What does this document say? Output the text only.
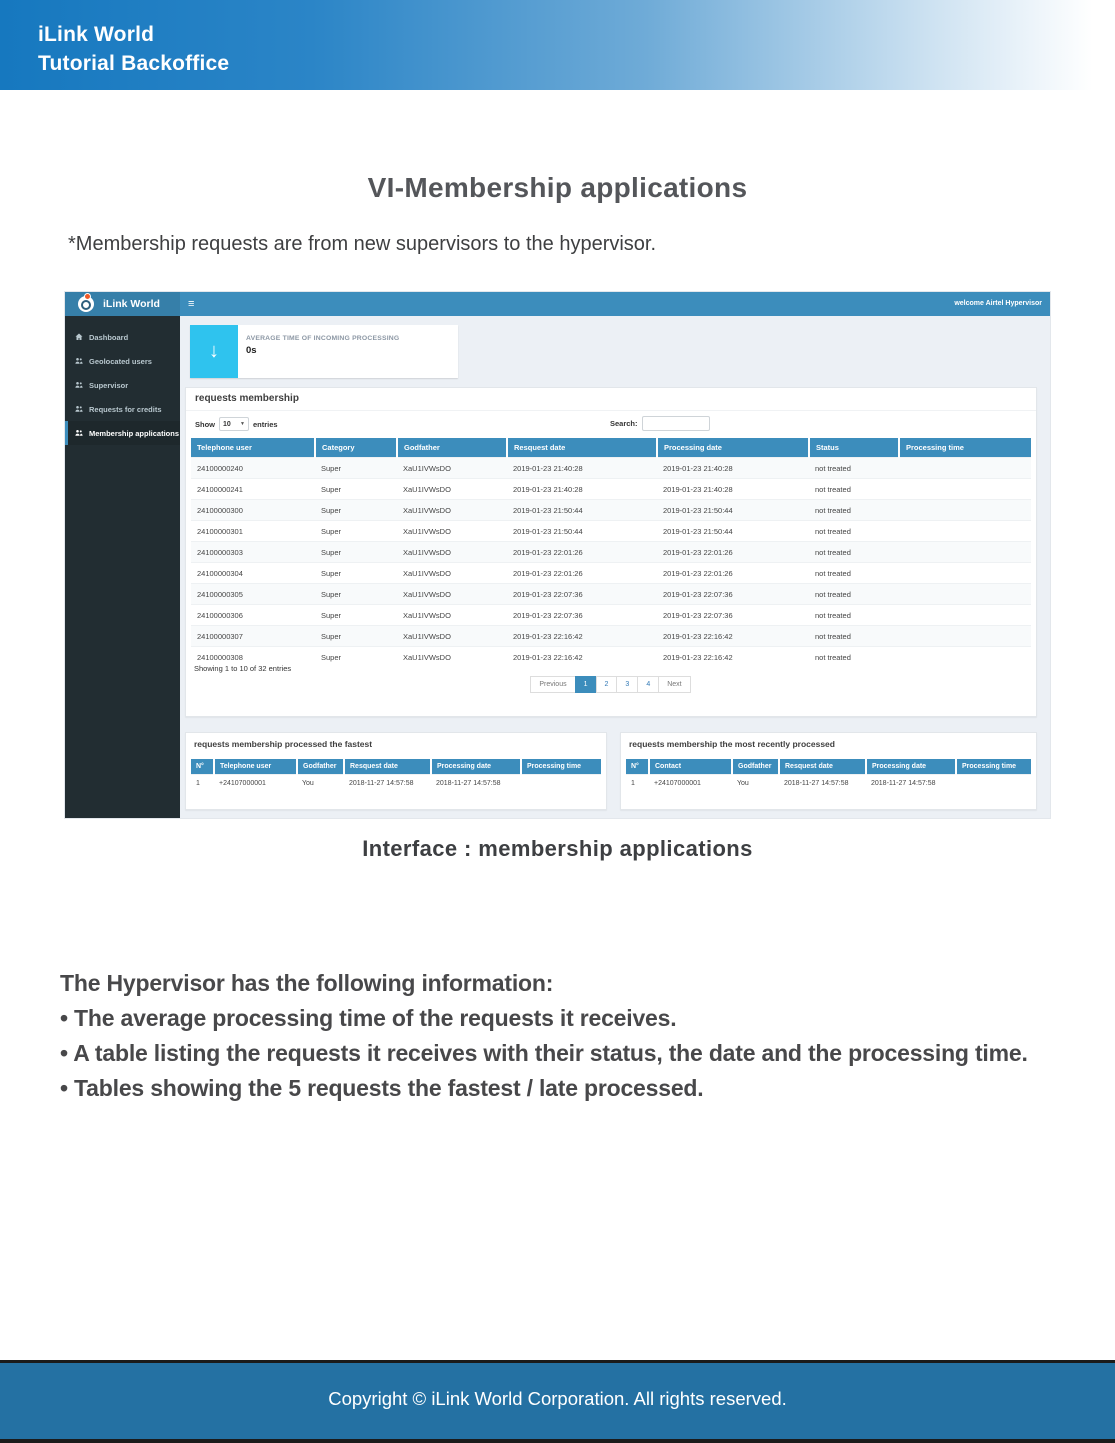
iLink World
Tutorial Backoffice
VI-Membership applications

*Membership requests are from new supervisors to the hypervisor.

iLink World	≡	welcome Airtel Hypervisor
Dashboard
Geolocated users
Supervisor
Requests for credits
Membership applications
↓
AVERAGE TIME OF INCOMING PROCESSING
0s
requests membership
Show 10 ▼ entries	Search:
Telephone user	Category	Godfather	Resquest date	Processing date	Status	Processing time
24100000240	Super	XaU1IVWsDO	2019-01-23 21:40:28	2019-01-23 21:40:28	not treated	
24100000241	Super	XaU1IVWsDO	2019-01-23 21:40:28	2019-01-23 21:40:28	not treated	
24100000300	Super	XaU1IVWsDO	2019-01-23 21:50:44	2019-01-23 21:50:44	not treated	
24100000301	Super	XaU1IVWsDO	2019-01-23 21:50:44	2019-01-23 21:50:44	not treated	
24100000303	Super	XaU1IVWsDO	2019-01-23 22:01:26	2019-01-23 22:01:26	not treated	
24100000304	Super	XaU1IVWsDO	2019-01-23 22:01:26	2019-01-23 22:01:26	not treated	
24100000305	Super	XaU1IVWsDO	2019-01-23 22:07:36	2019-01-23 22:07:36	not treated	
24100000306	Super	XaU1IVWsDO	2019-01-23 22:07:36	2019-01-23 22:07:36	not treated	
24100000307	Super	XaU1IVWsDO	2019-01-23 22:16:42	2019-01-23 22:16:42	not treated	
24100000308	Super	XaU1IVWsDO	2019-01-23 22:16:42	2019-01-23 22:16:42	not treated	
Showing 1 to 10 of 32 entries
Previous 1 2 3 4 Next
requests membership processed the fastest
N°	Telephone user	Godfather	Resquest date	Processing date	Processing time
1	+24107000001	You	2018-11-27 14:57:58	2018-11-27 14:57:58	
requests membership the most recently processed
N°	Contact	Godfather	Resquest date	Processing date	Processing time
1	+24107000001	You	2018-11-27 14:57:58	2018-11-27 14:57:58	
Interface : membership applications
The Hypervisor has the following information:
• The average processing time of the requests it receives.
• A table listing the requests it receives with their status, the date and the processing time.
• Tables showing the 5 requests the fastest / late processed.
Copyright © iLink World Corporation. All rights reserved.
